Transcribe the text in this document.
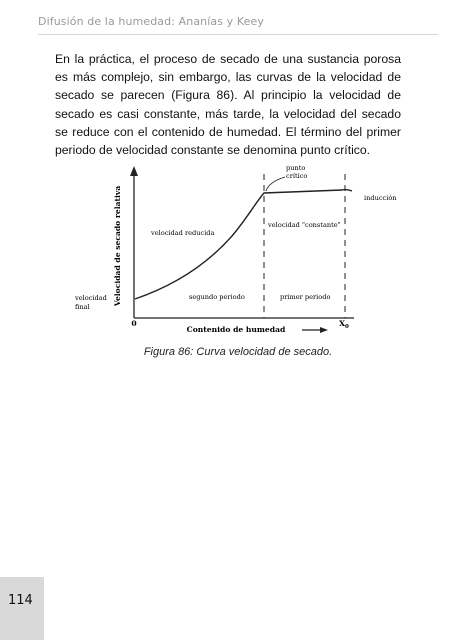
Difusión de la humedad: Ananías y Keey

En la práctica, el proceso de secado de una sustancia porosa es más complejo, sin embargo, las curvas de la velocidad de secado se parecen (Figura 86). Al principio la velocidad de secado es casi constante, más tarde, la velocidad del secado se reduce con el contenido de humedad. El término del primer periodo de velocidad constante se denomina punto crítico.

Velocidad de secado relativa
Contenido de humedad
0	$X_0$
punto
crítico
inducción
velocidad "constante"
velocidad reducida
velocidad
final
segundo periodo	primer periodo
Figura 86: Curva velocidad de secado.
114
